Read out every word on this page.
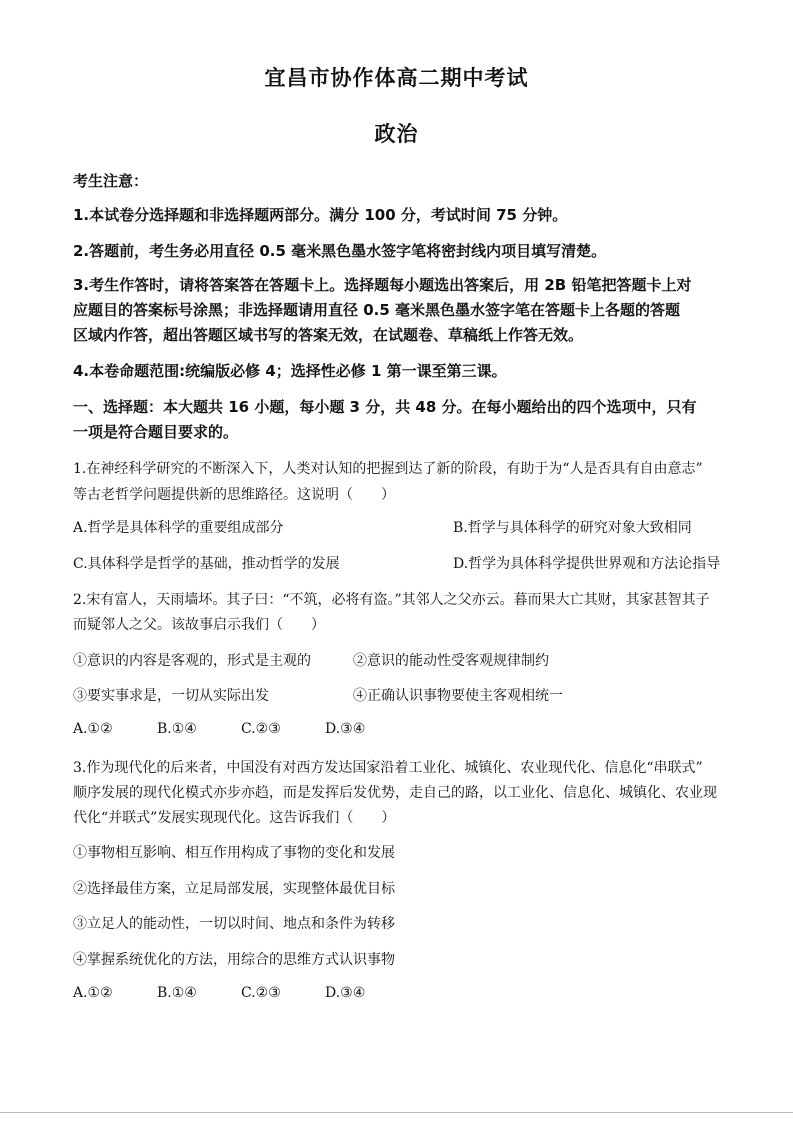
宜昌市协作体高二期中考试
政治
考生注意：
1.本试卷分选择题和非选择题两部分。满分 100 分，考试时间 75 分钟。
2.答题前，考生务必用直径 0.5 毫米黑色墨水签字笔将密封线内项目填写清楚。
3.考生作答时，请将答案答在答题卡上。选择题每小题选出答案后，用 2B 铅笔把答题卡上对
应题目的答案标号涂黑；非选择题请用直径 0.5 毫米黑色墨水签字笔在答题卡上各题的答题
区域内作答，超出答题区域书写的答案无效，在试题卷、草稿纸上作答无效。
4.本卷命题范围:统编版必修 4；选择性必修 1 第一课至第三课。
一、选择题：本大题共 16 小题，每小题 3 分，共 48 分。在每小题给出的四个选项中，只有
一项是符合题目要求的。
1.在神经科学研究的不断深入下，人类对认知的把握到达了新的阶段，有助于为“人是否具有自由意志”
等古老哲学问题提供新的思维路径。这说明（　　）
A.哲学是具体科学的重要组成部分	B.哲学与具体科学的研究对象大致相同
C.具体科学是哲学的基础，推动哲学的发展	D.哲学为具体科学提供世界观和方法论指导
2.宋有富人，天雨墙坏。其子曰：“不筑，必将有盗。”其邻人之父亦云。暮而果大亡其财，其家甚智其子
而疑邻人之父。该故事启示我们（　　）
①意识的内容是客观的，形式是主观的	②意识的能动性受客观规律制约
③要实事求是，一切从实际出发	④正确认识事物要使主客观相统一
A.①②	B.①④	C.②③	D.③④
3.作为现代化的后来者，中国没有对西方发达国家沿着工业化、城镇化、农业现代化、信息化“串联式”
顺序发展的现代化模式亦步亦趋，而是发挥后发优势，走自己的路，以工业化、信息化、城镇化、农业现
代化“并联式”发展实现现代化。这告诉我们（　　）
①事物相互影响、相互作用构成了事物的变化和发展
②选择最佳方案，立足局部发展，实现整体最优目标
③立足人的能动性，一切以时间、地点和条件为转移
④掌握系统优化的方法，用综合的思维方式认识事物
A.①②	B.①④	C.②③	D.③④
